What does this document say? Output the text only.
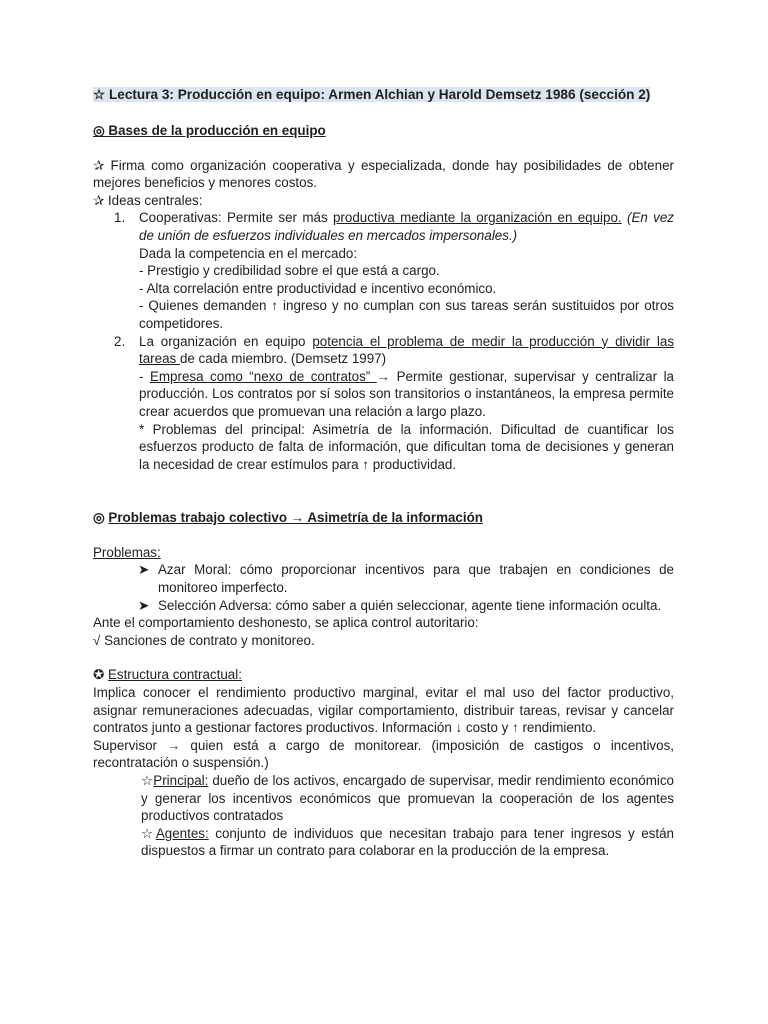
☆ Lectura 3: Producción en equipo: Armen Alchian y Harold Demsetz 1986 (sección 2)

◎ Bases de la producción en equipo

✰ Firma como organización cooperativa y especializada, donde hay posibilidades de obtener mejores beneficios y menores costos.

✰ Ideas centrales:

1.	Cooperativas: Permite ser más productiva mediante la organización en equipo. (En vez de unión de esfuerzos individuales en mercados impersonales.)

Dada la competencia en el mercado:

- Prestigio y credibilidad sobre el que está a cargo.

- Alta correlación entre productividad e incentivo económico.

- Quienes demanden ↑ ingreso y no cumplan con sus tareas serán sustituidos por otros competidores.

2.	La organización en equipo potencia el problema de medir la producción y dividir las tareas de cada miembro. (Demsetz 1997)

- Empresa como “nexo de contratos” → Permite gestionar, supervisar y centralizar la producción. Los contratos por sí solos son transitorios o instantáneos, la empresa permite crear acuerdos que promuevan una relación a largo plazo.

* Problemas del principal: Asimetría de la información. Dificultad de cuantificar los esfuerzos producto de falta de información, que dificultan toma de decisiones y generan la necesidad de crear estímulos para ↑ productividad.

◎ Problemas trabajo colectivo → Asimetría de la información

Problemas:

➤ Azar Moral: cómo proporcionar incentivos para que trabajen en condiciones de monitoreo imperfecto.

➤ Selección Adversa: cómo saber a quién seleccionar, agente tiene información oculta.

Ante el comportamiento deshonesto, se aplica control autoritario:

√ Sanciones de contrato y monitoreo.

✪ Estructura contractual:

Implica conocer el rendimiento productivo marginal, evitar el mal uso del factor productivo, asignar remuneraciones adecuadas, vigilar comportamiento, distribuir tareas, revisar y cancelar contratos junto a gestionar factores productivos. Información ↓ costo y ↑ rendimiento.

Supervisor → quien está a cargo de monitorear. (imposición de castigos o incentivos, recontratación o suspensión.)

☆Principal: dueño de los activos, encargado de supervisar, medir rendimiento económico y generar los incentivos económicos que promuevan la cooperación de los agentes productivos contratados

☆Agentes: conjunto de individuos que necesitan trabajo para tener ingresos y están dispuestos a firmar un contrato para colaborar en la producción de la empresa.
